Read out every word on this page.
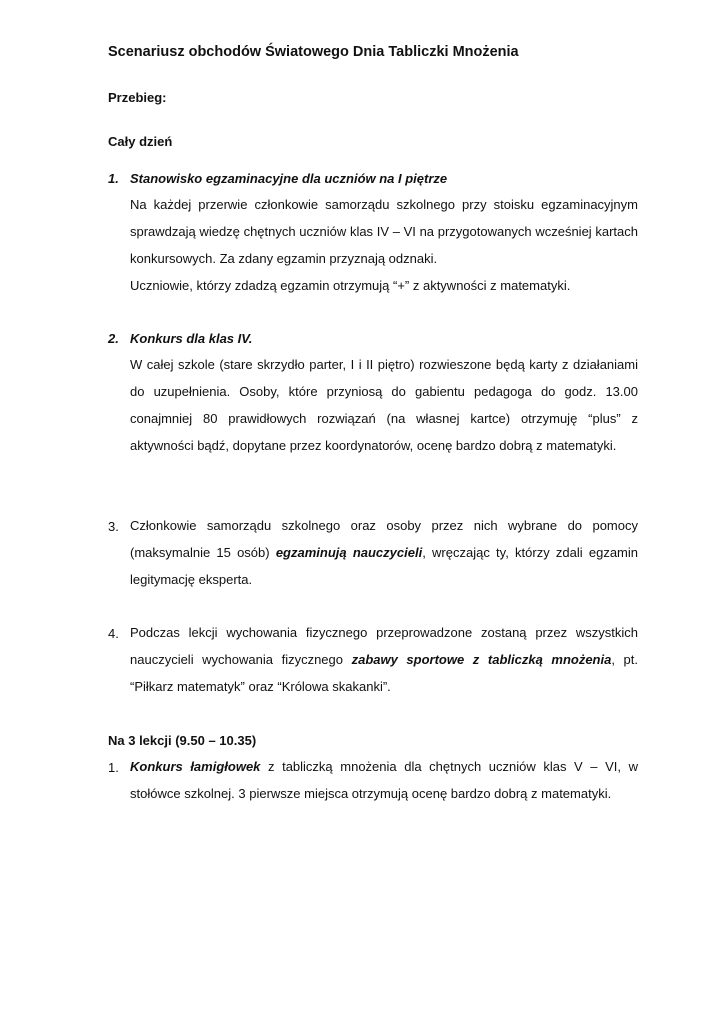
Scenariusz obchodów Światowego Dnia Tabliczki Mnożenia

Przebieg:

Cały dzień

1. Stanowisko egzaminacyjne dla uczniów na I piętrze

Na każdej przerwie członkowie samorządu szkolnego przy stoisku egzaminacyjnym sprawdzają wiedzę chętnych uczniów klas IV – VI na przygotowanych wcześniej kartach konkursowych. Za zdany egzamin przyznają odznaki.

Uczniowie, którzy zdadzą egzamin otrzymują “+” z aktywności z matematyki.

2. Konkurs dla klas IV.

W całej szkole (stare skrzydło parter, I i II piętro) rozwieszone będą karty z działaniami do uzupełnienia. Osoby, które przyniosą do gabientu pedagoga do godz. 13.00 conajmniej 80 prawidłowych rozwiązań (na własnej kartce) otrzymuję “plus” z aktywności bądź, dopytane przez koordynatorów, ocenę bardzo dobrą z matematyki.

3. Członkowie samorządu szkolnego oraz osoby przez nich wybrane do pomocy (maksymalnie 15 osób) egzaminują nauczycieli, wręczając ty, którzy zdali egzamin legitymację eksperta.

4. Podczas lekcji wychowania fizycznego przeprowadzone zostaną przez wszystkich nauczycieli wychowania fizycznego zabawy sportowe z tabliczką mnożenia, pt. “Piłkarz matematyk” oraz “Królowa skakanki”.

Na 3 lekcji (9.50 – 10.35)

1. Konkurs łamigłowek z tabliczką mnożenia dla chętnych uczniów klas V – VI, w stołówce szkolnej. 3 pierwsze miejsca otrzymują ocenę bardzo dobrą z matematyki.
